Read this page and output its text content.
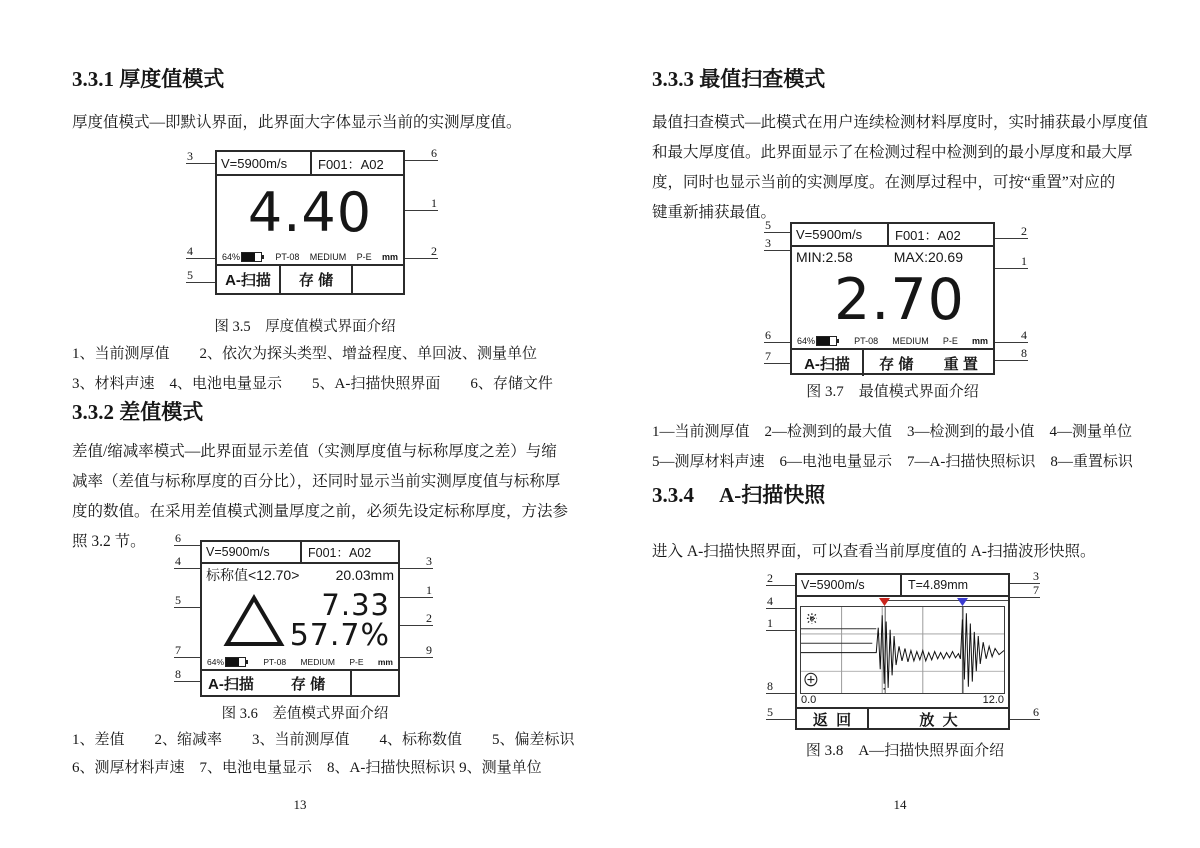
3.3.1 厚度值模式
厚度值模式—即默认界面，此界面大字体显示当前的实测厚度值。
V=5900m/s	F001：A02
4.40
64%	PT-08 MEDIUM P-E mm
A-扫描	存 储
3
4
5
6
1
2
图 3.5　厚度值模式界面介绍
1、当前测厚值　　2、依次为探头类型、增益程度、单回波、测量单位
3、材料声速　4、电池电量显示　　5、A-扫描快照界面　　6、存储文件
3.3.2 差值模式
差值/缩减率模式—此界面显示差值（实测厚度值与标称厚度之差）与缩
减率（差值与标称厚度的百分比），还同时显示当前实测厚度值与标称厚
度的数值。在采用差值模式测量厚度之前，必须先设定标称厚度，方法参
照 3.2 节。
V=5900m/s	F001：A02
标称值<12.70>	20.03mm
7.33
57.7%
64%	PT-08 MEDIUM P-E mm
A-扫描	存 储
6
4
5
7
8
3
1
2
9
图 3.6　差值模式界面介绍
1、差值　　2、缩减率　　3、当前测厚值　　4、标称数值　　5、偏差标识
6、测厚材料声速　7、电池电量显示　8、A-扫描快照标识 9、测量单位
13
3.3.3 最值扫查模式
最值扫查模式—此模式在用户连续检测材料厚度时，实时捕获最小厚度值
和最大厚度值。此界面显示了在检测过程中检测到的最小厚度和最大厚
度，同时也显示当前的实测厚度。在测厚过程中，可按“重置”对应的
键重新捕获最值。
V=5900m/s	F001：A02
MIN:2.58	MAX:20.69
2.70
64%	PT-08 MEDIUM P-E mm
A-扫描	存 储 重 置
5
3
6
7
2
1
4
8
图 3.7　最值模式界面介绍
1—当前测厚值　2—检测到的最大值　3—检测到的最小值　4—测量单位
5—测厚材料声速　6—电池电量显示　7—A-扫描快照标识　8—重置标识
3.3.4　 A-扫描快照
进入 A-扫描快照界面，可以查看当前厚度值的 A-扫描波形快照。
V=5900m/s	T=4.89mm
0.0	12.0
返  回	放  大
2
4
1
8
5
3
7
6
图 3.8　A—扫描快照界面介绍
14
